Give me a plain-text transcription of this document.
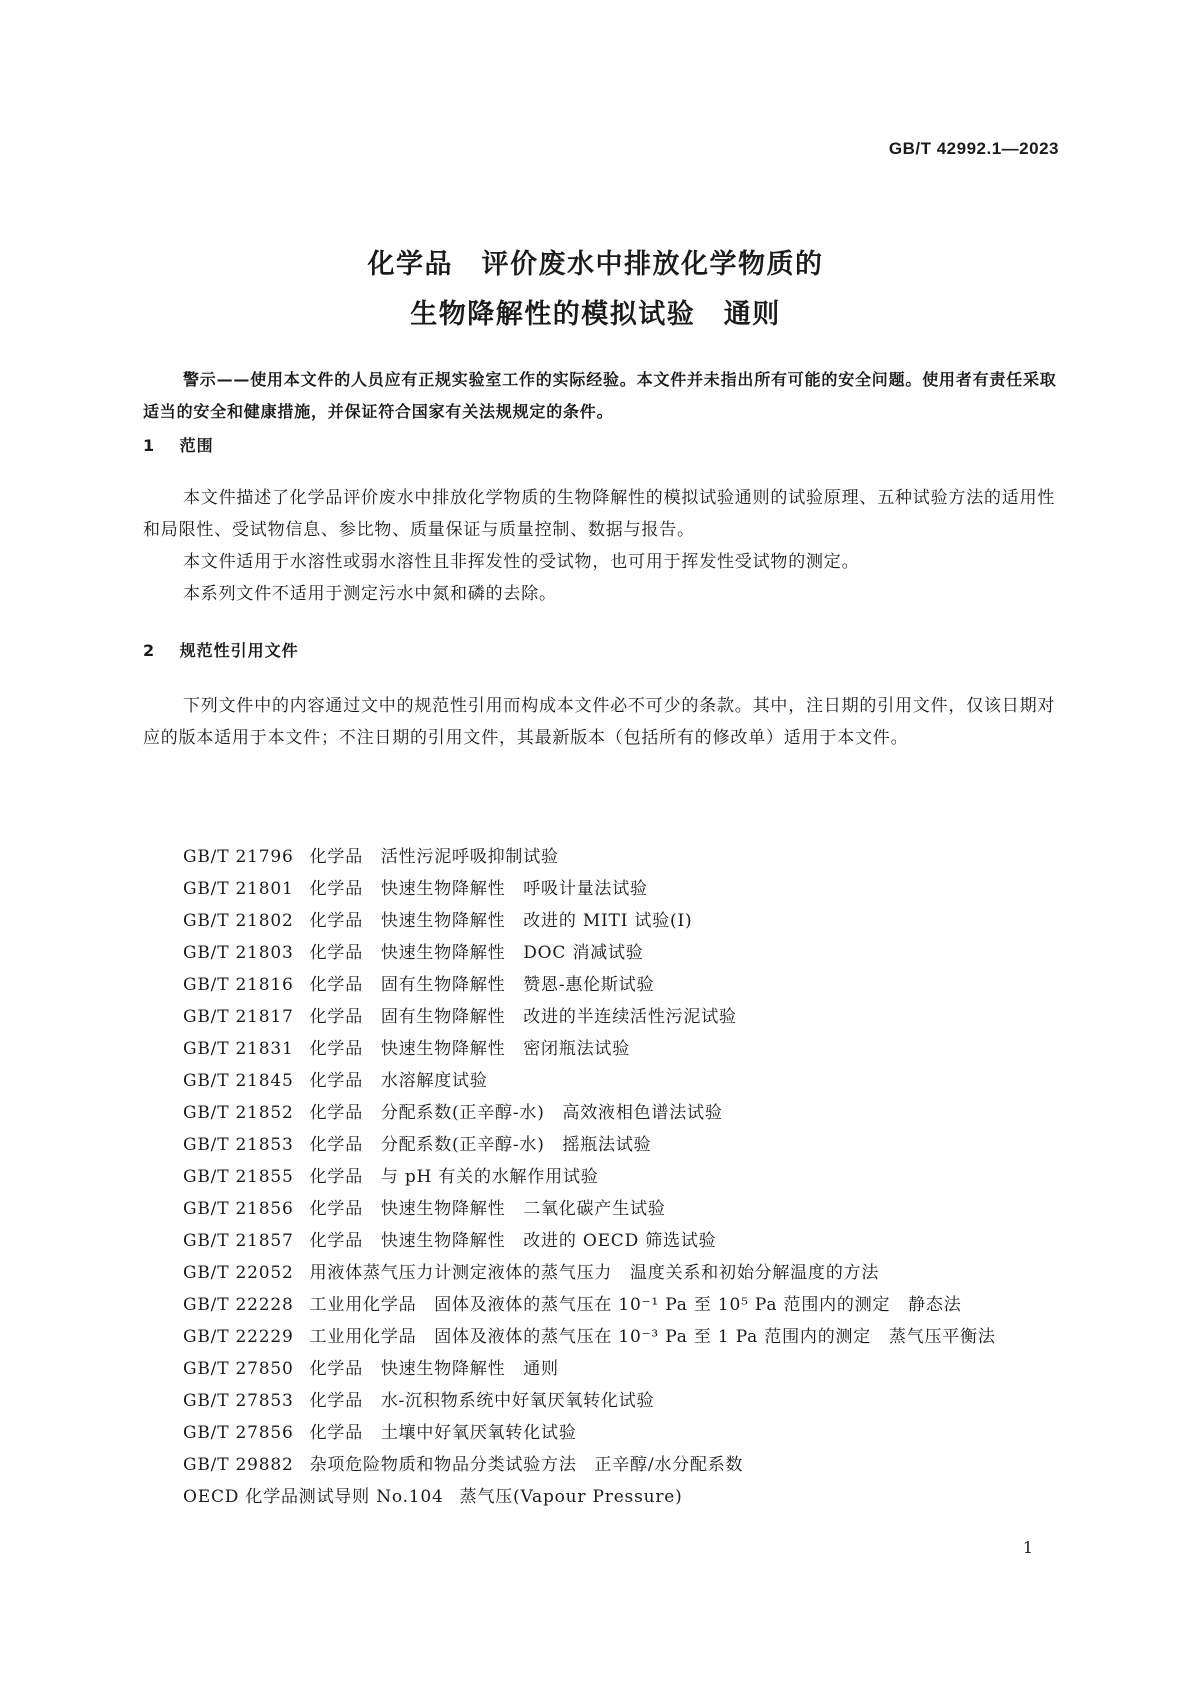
GB/T 42992.1—2023

化学品　评价废水中排放化学物质的
生物降解性的模拟试验　通则

警示——使用本文件的人员应有正规实验室工作的实际经验。本文件并未指出所有可能的安全问题。使用者有责任采取适当的安全和健康措施，并保证符合国家有关法规规定的条件。

1 范围

本文件描述了化学品评价废水中排放化学物质的生物降解性的模拟试验通则的试验原理、五种试验方法的适用性和局限性、受试物信息、参比物、质量保证与质量控制、数据与报告。

本文件适用于水溶性或弱水溶性且非挥发性的受试物，也可用于挥发性受试物的测定。

本系列文件不适用于测定污水中氮和磷的去除。

2 规范性引用文件

下列文件中的内容通过文中的规范性引用而构成本文件必不可少的条款。其中，注日期的引用文件，仅该日期对应的版本适用于本文件；不注日期的引用文件，其最新版本（包括所有的修改单）适用于本文件。

GB/T 21796 化学品　活性污泥呼吸抑制试验
GB/T 21801 化学品　快速生物降解性　呼吸计量法试验
GB/T 21802 化学品　快速生物降解性　改进的 MITI 试验(Ⅰ)
GB/T 21803 化学品　快速生物降解性　DOC 消减试验
GB/T 21816 化学品　固有生物降解性　赞恩-惠伦斯试验
GB/T 21817 化学品　固有生物降解性　改进的半连续活性污泥试验
GB/T 21831 化学品　快速生物降解性　密闭瓶法试验
GB/T 21845 化学品　水溶解度试验
GB/T 21852 化学品　分配系数(正辛醇-水)　高效液相色谱法试验
GB/T 21853 化学品　分配系数(正辛醇-水)　摇瓶法试验
GB/T 21855 化学品　与 pH 有关的水解作用试验
GB/T 21856 化学品　快速生物降解性　二氧化碳产生试验
GB/T 21857 化学品　快速生物降解性　改进的 OECD 筛选试验
GB/T 22052 用液体蒸气压力计测定液体的蒸气压力　温度关系和初始分解温度的方法
GB/T 22228 工业用化学品　固体及液体的蒸气压在 10⁻¹ Pa 至 10⁵ Pa 范围内的测定　静态法
GB/T 22229 工业用化学品　固体及液体的蒸气压在 10⁻³ Pa 至 1 Pa 范围内的测定　蒸气压平衡法
GB/T 27850 化学品　快速生物降解性　通则
GB/T 27853 化学品　水-沉积物系统中好氧厌氧转化试验
GB/T 27856 化学品　土壤中好氧厌氧转化试验
GB/T 29882 杂项危险物质和物品分类试验方法　正辛醇/水分配系数
OECD 化学品测试导则 No.104 蒸气压(Vapour Pressure)

1
